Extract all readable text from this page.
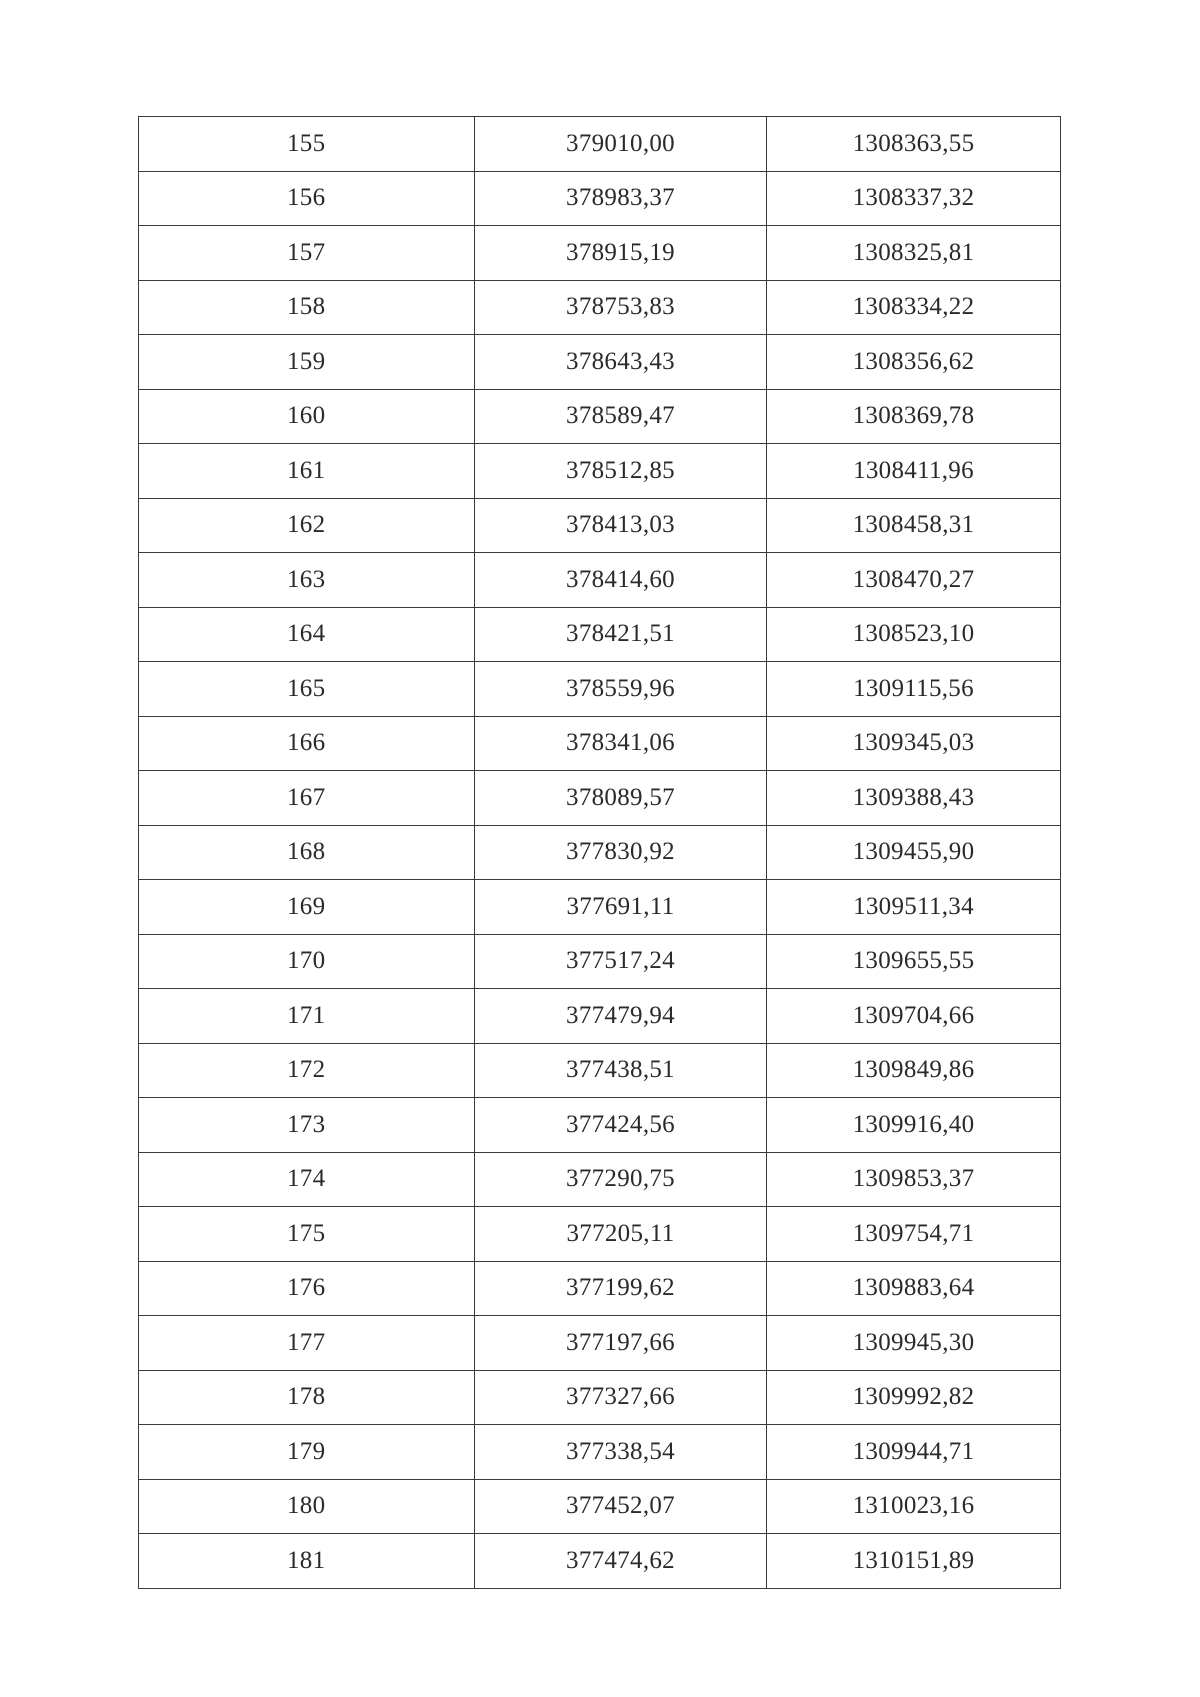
155	379010,00	1308363,55
156	378983,37	1308337,32
157	378915,19	1308325,81
158	378753,83	1308334,22
159	378643,43	1308356,62
160	378589,47	1308369,78
161	378512,85	1308411,96
162	378413,03	1308458,31
163	378414,60	1308470,27
164	378421,51	1308523,10
165	378559,96	1309115,56
166	378341,06	1309345,03
167	378089,57	1309388,43
168	377830,92	1309455,90
169	377691,11	1309511,34
170	377517,24	1309655,55
171	377479,94	1309704,66
172	377438,51	1309849,86
173	377424,56	1309916,40
174	377290,75	1309853,37
175	377205,11	1309754,71
176	377199,62	1309883,64
177	377197,66	1309945,30
178	377327,66	1309992,82
179	377338,54	1309944,71
180	377452,07	1310023,16
181	377474,62	1310151,89
